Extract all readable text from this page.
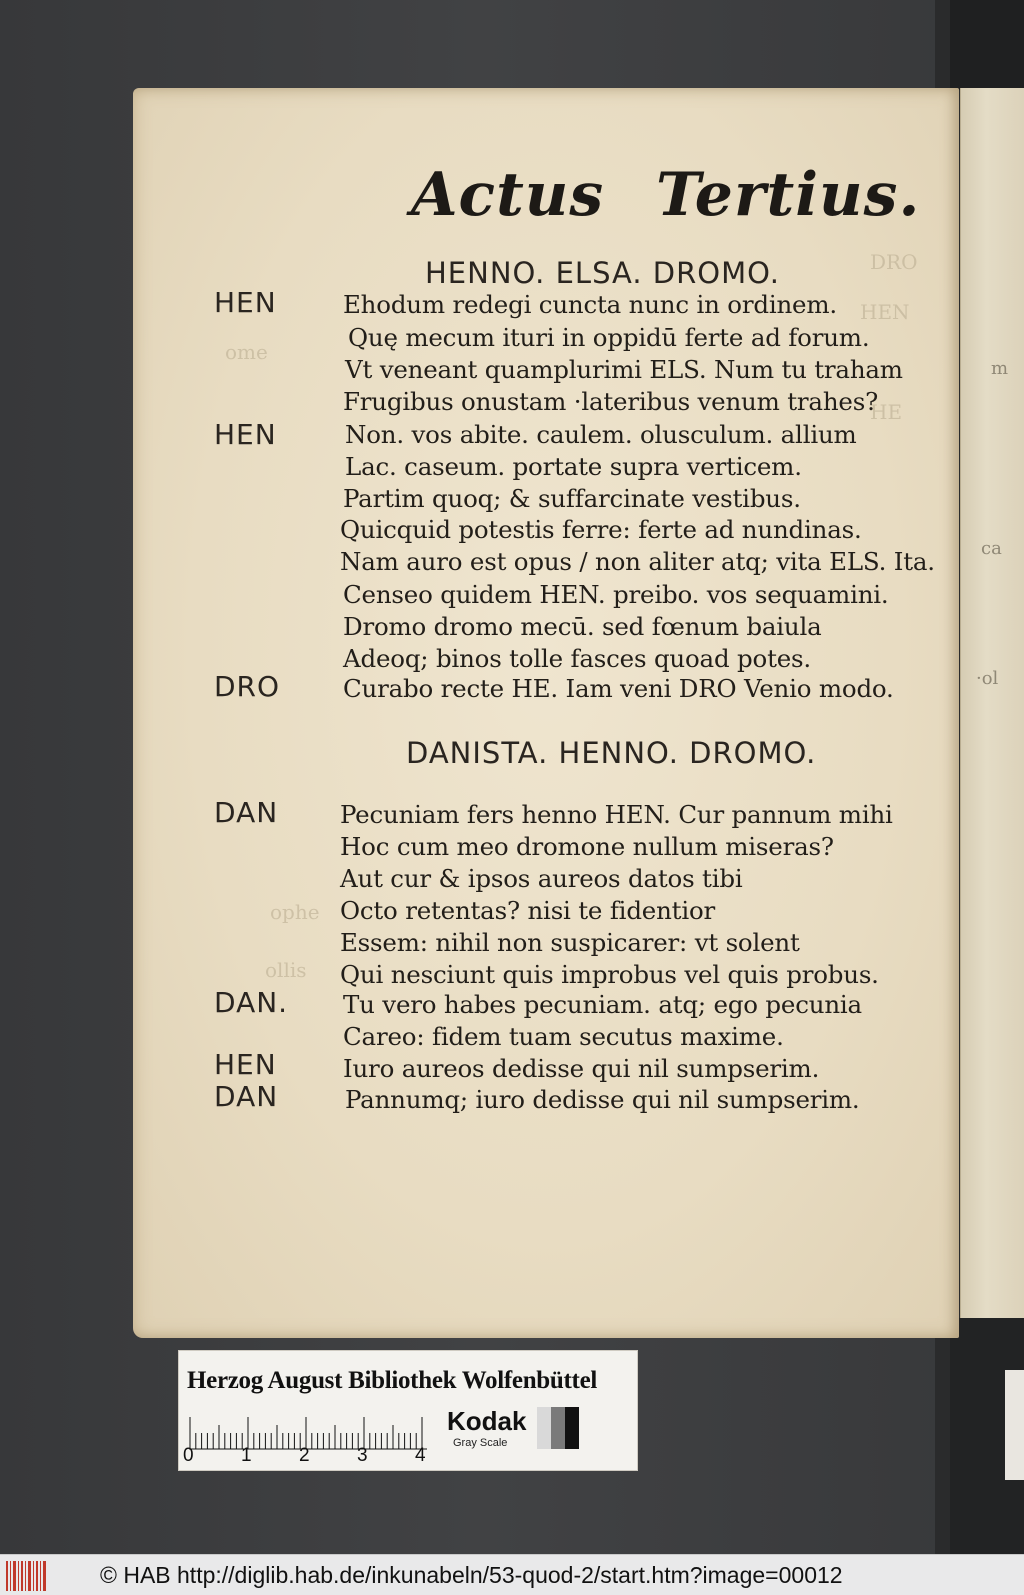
m
ca
·ol
ome
DRO
HEN
HE
ophe
ollis
Actus Tertius.
HENNO. ELSA. DROMO.
HEN	Ehodum redegi cuncta nunc in ordinem.
Quę mecum ituri in oppidū ferte ad forum.
Vt veneant quamplurimi ELS. Num tu traham
Frugibus onustam ·lateribus venum trahes?
HEN	Non. vos abite. caulem. olusculum. allium
Lac. caseum. portate supra verticem.
Partim quoq; & suffarcinate vestibus.
Quicquid potestis ferre: ferte ad nundinas.
Nam auro est opus / non aliter atq; vita ELS. Ita.
Censeo quidem HEN. preibo. vos sequamini.
Dromo dromo mecū. sed fœnum baiula
Adeoq; binos tolle fasces quoad potes.
DRO	Curabo recte HE. Iam veni DRO Venio modo.
DANISTA. HENNO. DROMO.
DAN	Pecuniam fers henno HEN. Cur pannum mihi
Hoc cum meo dromone nullum miseras?
Aut cur & ipsos aureos datos tibi
Octo retentas? nisi te fidentior
Essem: nihil non suspicarer: vt solent
Qui nesciunt quis improbus vel quis probus.
DAN. Tu vero habes pecuniam. atq; ego pecunia
Careo: fidem tuam secutus maxime.
HEN	Iuro aureos dedisse qui nil sumpserim.
DAN	Pannumq; iuro dedisse qui nil sumpserim.
Herzog August Bibliothek Wolfenbüttel
0 1 2 3 4
Kodak
Gray Scale
© HAB http://diglib.hab.de/inkunabeln/53-quod-2/start.htm?image=00012
